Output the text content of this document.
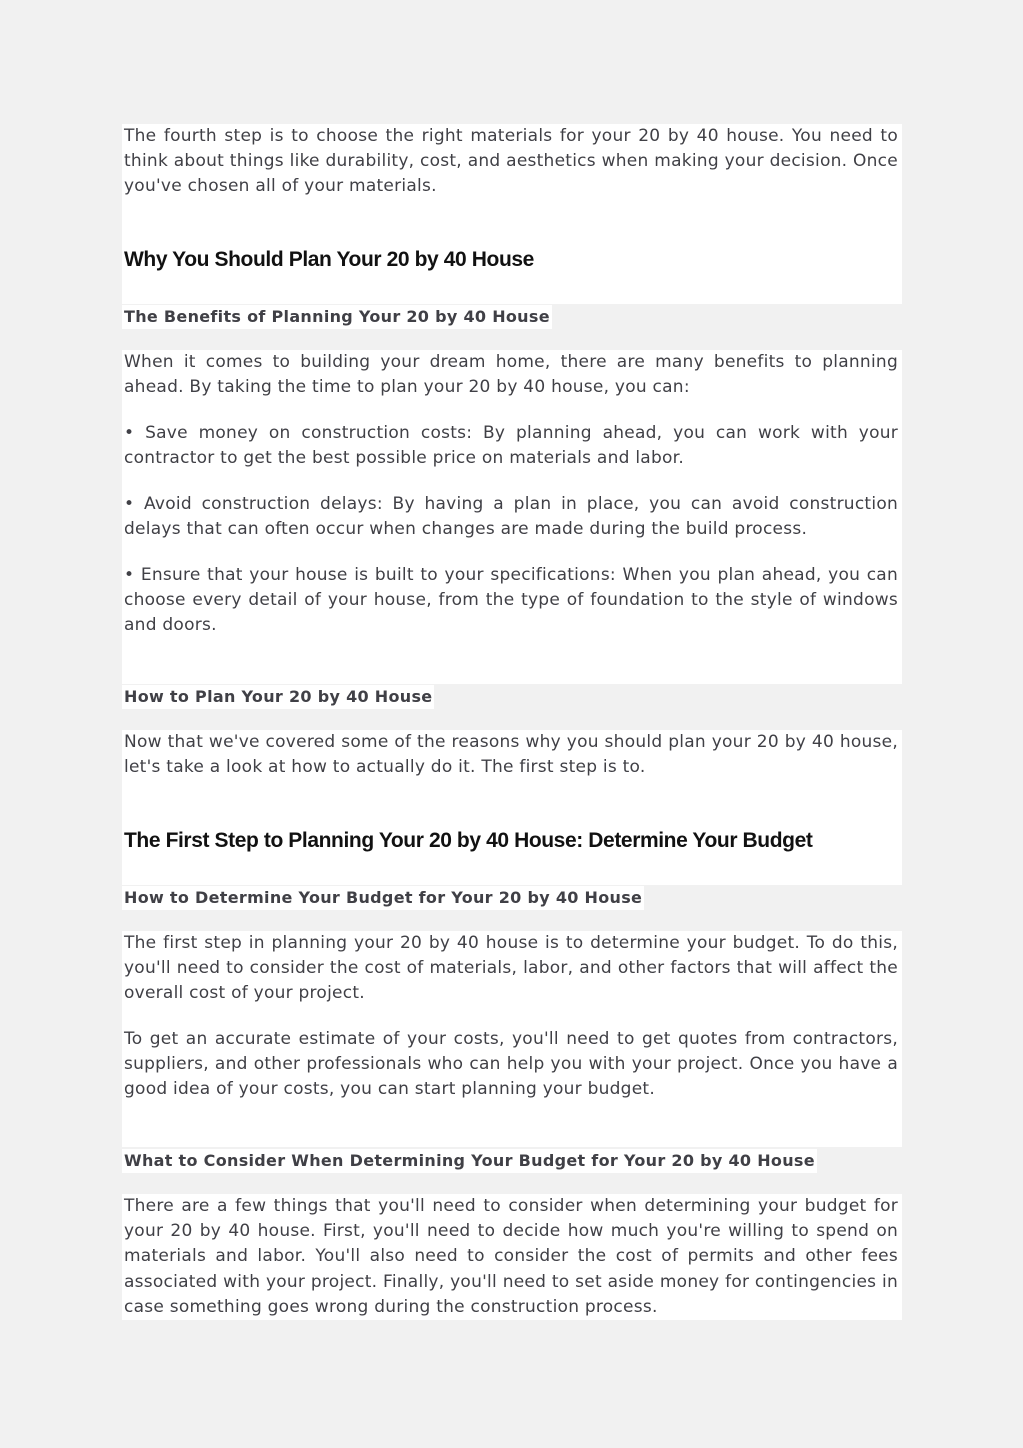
The fourth step is to choose the right materials for your 20 by 40 house. You need to think about things like durability, cost, and aesthetics when making your decision. Once you've chosen all of your materials.

Why You Should Plan Your 20 by 40 House
The Benefits of Planning Your 20 by 40 House

When it comes to building your dream home, there are many benefits to planning ahead. By taking the time to plan your 20 by 40 house, you can:

• Save money on construction costs: By planning ahead, you can work with your contractor to get the best possible price on materials and labor.

• Avoid construction delays: By having a plan in place, you can avoid construction delays that can often occur when changes are made during the build process.

• Ensure that your house is built to your specifications: When you plan ahead, you can choose every detail of your house, from the type of foundation to the style of windows and doors.

How to Plan Your 20 by 40 House

Now that we've covered some of the reasons why you should plan your 20 by 40 house, let's take a look at how to actually do it. The first step is to.

The First Step to Planning Your 20 by 40 House: Determine Your Budget
How to Determine Your Budget for Your 20 by 40 House

The first step in planning your 20 by 40 house is to determine your budget. To do this, you'll need to consider the cost of materials, labor, and other factors that will affect the overall cost of your project.

To get an accurate estimate of your costs, you'll need to get quotes from contractors, suppliers, and other professionals who can help you with your project. Once you have a good idea of your costs, you can start planning your budget.

What to Consider When Determining Your Budget for Your 20 by 40 House

There are a few things that you'll need to consider when determining your budget for your 20 by 40 house. First, you'll need to decide how much you're willing to spend on materials and labor. You'll also need to consider the cost of permits and other fees associated with your project. Finally, you'll need to set aside money for contingencies in case something goes wrong during the construction process.
